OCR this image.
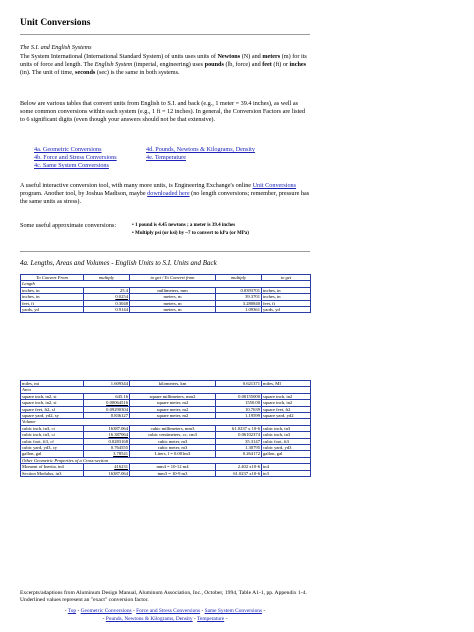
Unit Conversions
The S.I. and English Systems
The System International (International Standard System) of units uses units of Newtons (N) and meters (m) for its units of force and length. The English System (imperial, engineering) uses pounds (lb, force) and feet (ft) or inches (in). The unit of time, seconds (sec) is the same in both systems.
Below are various tables that convert units from English to S.I. and back (e.g., 1 meter = 39.4 inches), as well as some common conversions within each system (e.g., 1 ft = 12 inches). In general, the Conversion Factors are listed to 6 significant digits (even though your answers should not be that extensive).
4a. Geometric Conversions
4b. Force and Stress Conversions
4c. Same System Conversions
4d. Pounds, Newtons & Kilograms, Density
4e. Temperature
A useful interactive conversion tool, with many more units, is Engineering Exchange's online Unit Conversions program. Another tool, by Joshua Madison, maybe downloaded here (no length conversions; remember, pressure has the same units as stress).
Some useful approximate conversions:	• 1 pound is 4.45 newtons ; a meter is 39.4 inches
• Multiply psi (or ksi) by ~7 to convert to kPa (or MPa)
4a. Lengths, Areas and Volumes - English Units to S.I. Units and Back
To Convert From	multiply	to get / To Convert from	multiply	to get
Length				
inches, in	25.4	millimeters, mm	0.0393701	inches, in
inches, in	0.0254	meters, m	39.3701	inches, in
feet, ft	0.3048	meters, m	3.280840	feet, ft
yards, yd	0.9144	meters, m	1.09361	yards, yd
miles, mi	1.609344	kilometers, km	0.621371	miles, MI
Area				
square inch, in2, si	645.16	square millimeters, mm2	0.00155000	square inch, in2
square inch, in2, si	0.00064516	square meter, m2	1550.00	square inch, in2
square feet, ft2, sf	0.09290304	square meter, m2	10.7639	square feet, ft2
square yard, yd2, sy	0.836127	square meter, m2	1.19599	square yard, yd2
Volume				
cubic inch, in3, ci	16387.064	cubic millimeters, mm3	61.0237 x 10-6	cubic inch, in3
cubic inch, in3, ci	16.387064	cubic centimeters, cc, cm3	0.06102374	cubic inch, in3
cubic foot, ft3, cf	0.0283168	cubic meter, m3	35.3147	cubic foot, ft3
cubic yard, yd3, cy	0.764555	cubic meter, m3	1.30795	cubic yard, yd3
gallon, gal	3.78541	Liters, l = 0.001m3	0.264172	gallon, gal
Other Geometric Properties of a Cross-section				
Moment of Inertia, in4	416231	mm4 = 10-12 m4	2.402 x10-6	in4
Section Modulus, in3	16387.064	mm3 = 10-9 m3	61.0237 x10-6	in3
Excerpts/adaptions from Aluminum Design Manual, Aluminum Association, Inc., October, 1994, Table A1-1, pp. Appendix 1-4. Underlined values represent an "exact" conversion factor.
- Top - Geometric Conversions - Force and Stress Conversions - Same System Conversions -
- Pounds, Newtons & Kilograms, Density - Temperature -
